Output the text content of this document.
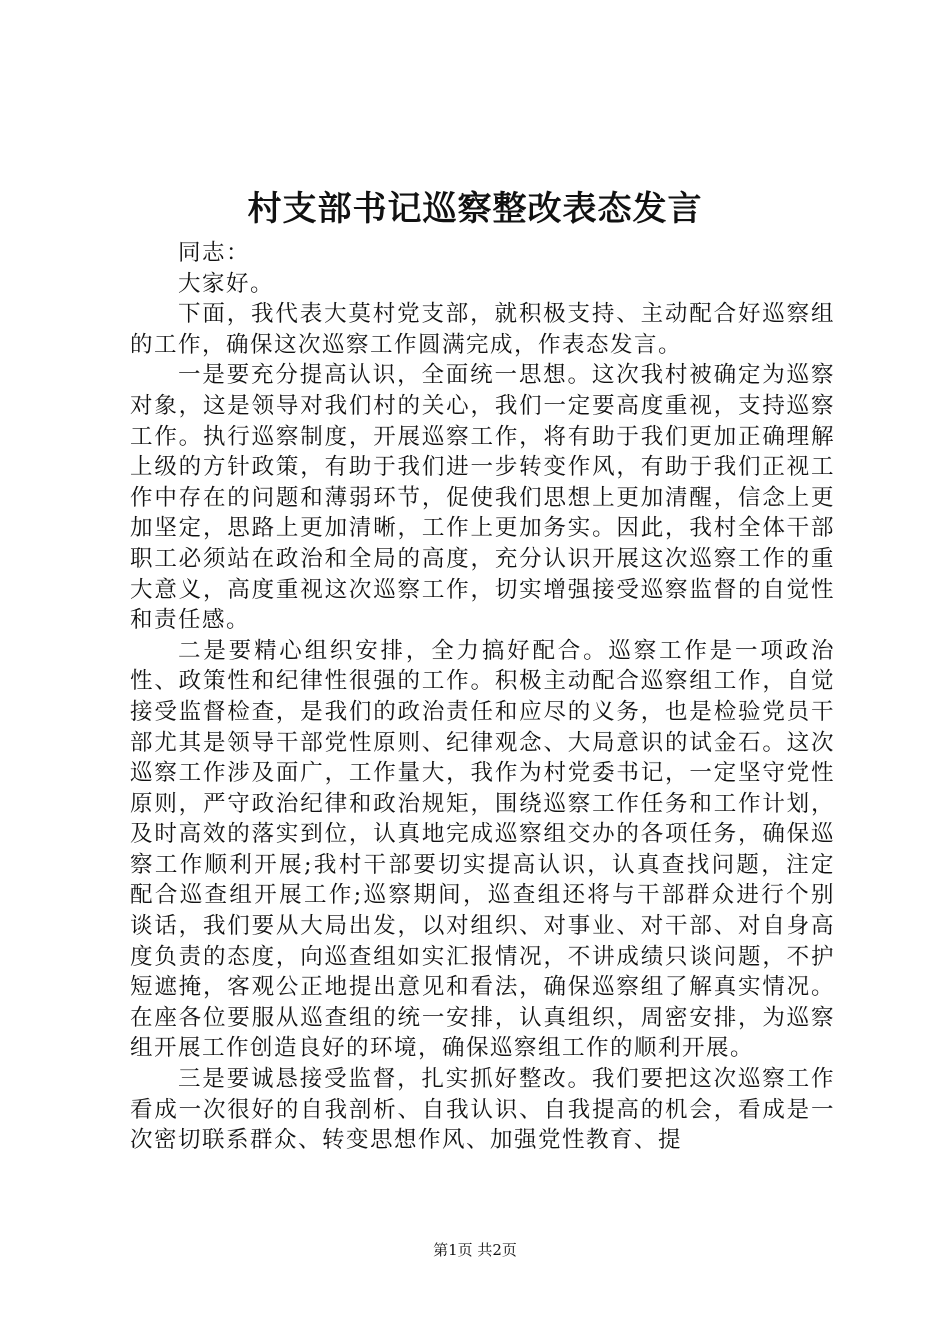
村支部书记巡察整改表态发言

同志：

大家好。

下面，我代表大莫村党支部，就积极支持、主动配合好巡察组的工作，确保这次巡察工作圆满完成，作表态发言。

一是要充分提高认识，全面统一思想。这次我村被确定为巡察对象，这是领导对我们村的关心，我们一定要高度重视，支持巡察工作。执行巡察制度，开展巡察工作，将有助于我们更加正确理解上级的方针政策，有助于我们进一步转变作风，有助于我们正视工作中存在的问题和薄弱环节，促使我们思想上更加清醒，信念上更加坚定，思路上更加清晰，工作上更加务实。因此，我村全体干部职工必须站在政治和全局的高度，充分认识开展这次巡察工作的重大意义，高度重视这次巡察工作，切实增强接受巡察监督的自觉性和责任感。

二是要精心组织安排，全力搞好配合。巡察工作是一项政治性、政策性和纪律性很强的工作。积极主动配合巡察组工作，自觉接受监督检查，是我们的政治责任和应尽的义务，也是检验党员干部尤其是领导干部党性原则、纪律观念、大局意识的试金石。这次巡察工作涉及面广，工作量大，我作为村党委书记，一定坚守党性原则，严守政治纪律和政治规矩，围绕巡察工作任务和工作计划，及时高效的落实到位，认真地完成巡察组交办的各项任务，确保巡察工作顺利开展;我村干部要切实提高认识，认真查找问题，注定配合巡查组开展工作;巡察期间，巡查组还将与干部群众进行个别谈话，我们要从大局出发，以对组织、对事业、对干部、对自身高度负责的态度，向巡查组如实汇报情况，不讲成绩只谈问题，不护短遮掩，客观公正地提出意见和看法，确保巡察组了解真实情况。在座各位要服从巡查组的统一安排，认真组织，周密安排，为巡察组开展工作创造良好的环境，确保巡察组工作的顺利开展。

三是要诚恳接受监督，扎实抓好整改。我们要把这次巡察工作看成一次很好的自我剖析、自我认识、自我提高的机会，看成是一次密切联系群众、转变思想作风、加强党性教育、提

第1页 共2页
